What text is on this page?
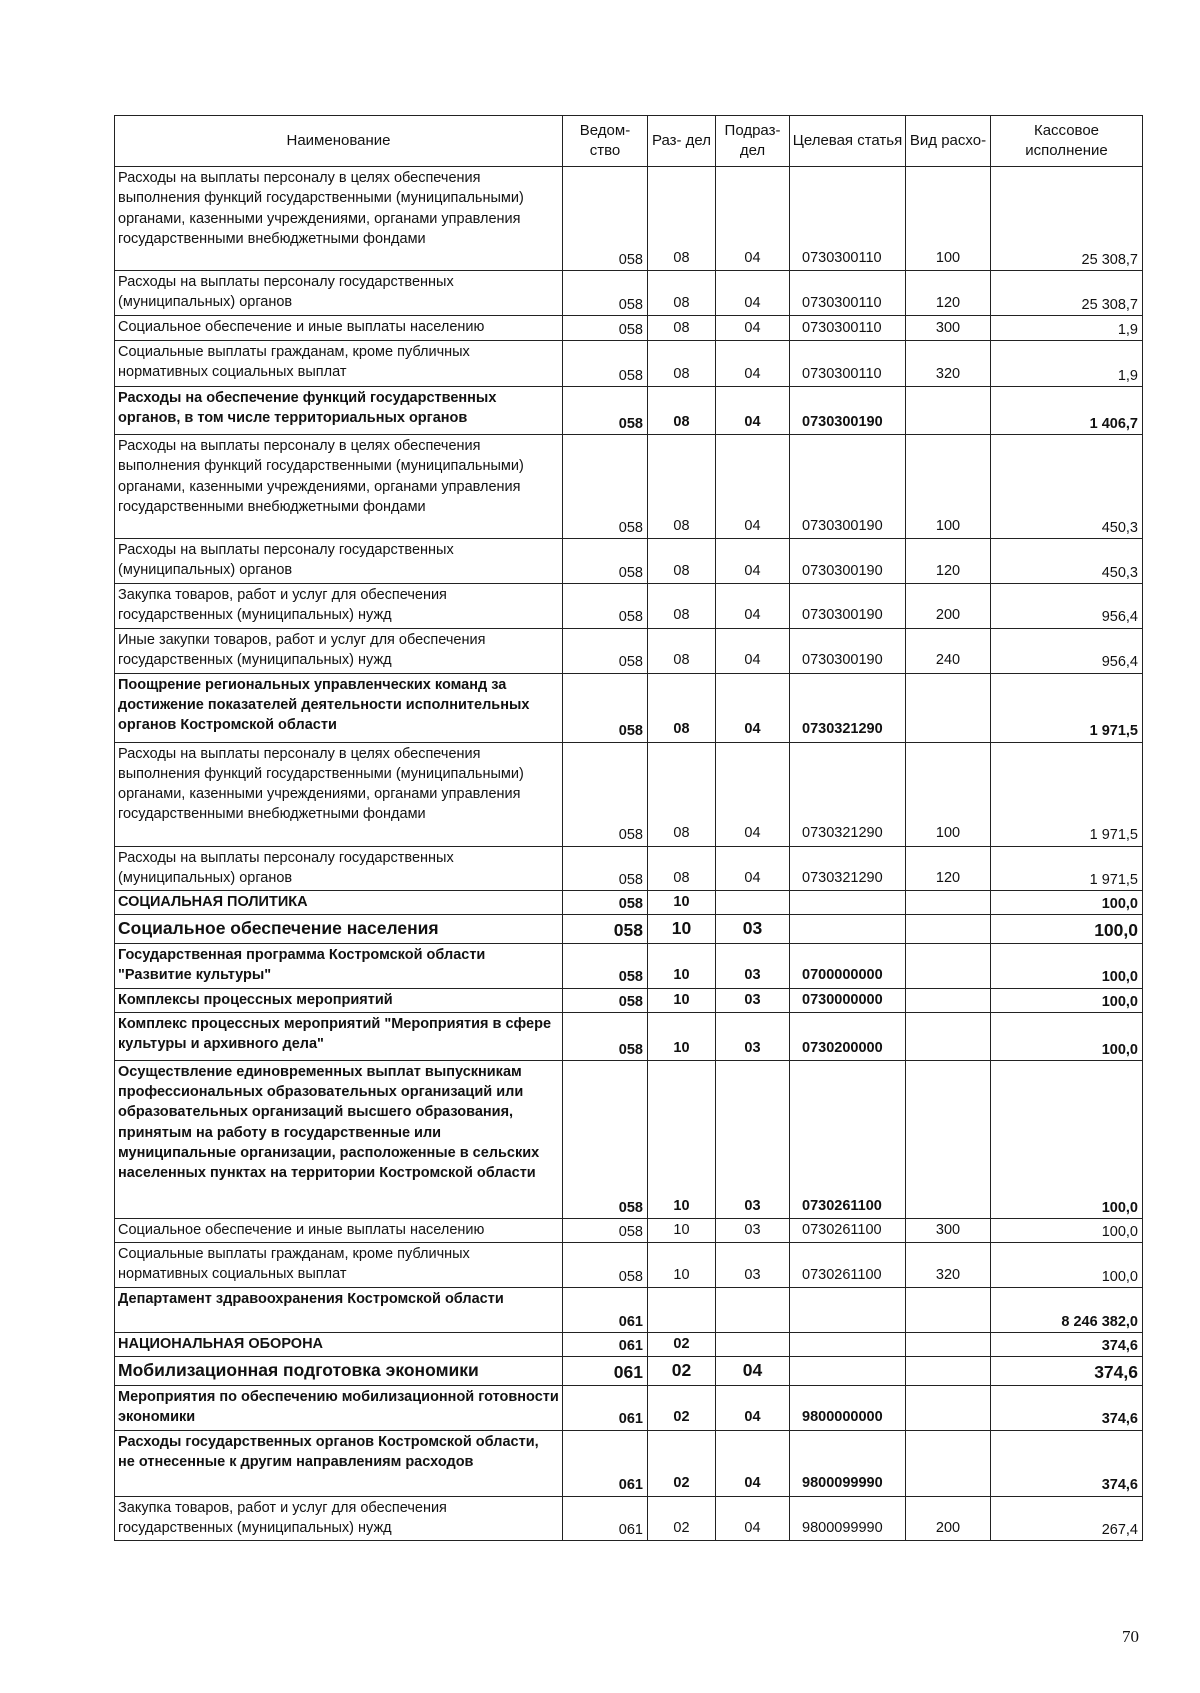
Наименование	Ведом- ство	Раз- дел	Подраз- дел	Целевая статья	Вид расхо-	Кассовое исполнение
Расходы на выплаты персоналу в целях обеспечения выполнения функций государственными (муниципальными) органами, казенными учреждениями, органами управления государственными внебюджетными фондами	058	08	04	0730300110	100	25 308,7
Расходы на выплаты персоналу государственных (муниципальных) органов	058	08	04	0730300110	120	25 308,7
Социальное обеспечение и иные выплаты населению	058	08	04	0730300110	300	1,9
Социальные выплаты гражданам, кроме публичных нормативных социальных выплат	058	08	04	0730300110	320	1,9
Расходы на обеспечение функций государственных органов, в том числе территориальных органов	058	08	04	0730300190		1 406,7
Расходы на выплаты персоналу в целях обеспечения выполнения функций государственными (муниципальными) органами, казенными учреждениями, органами управления государственными внебюджетными фондами	058	08	04	0730300190	100	450,3
Расходы на выплаты персоналу государственных (муниципальных) органов	058	08	04	0730300190	120	450,3
Закупка товаров, работ и услуг для обеспечения государственных (муниципальных) нужд	058	08	04	0730300190	200	956,4
Иные закупки товаров, работ и услуг для обеспечения государственных (муниципальных) нужд	058	08	04	0730300190	240	956,4
Поощрение региональных управленческих команд за достижение показателей деятельности исполнительных органов Костромской области	058	08	04	0730321290		1 971,5
Расходы на выплаты персоналу в целях обеспечения выполнения функций государственными (муниципальными) органами, казенными учреждениями, органами управления государственными внебюджетными фондами	058	08	04	0730321290	100	1 971,5
Расходы на выплаты персоналу государственных (муниципальных) органов	058	08	04	0730321290	120	1 971,5
СОЦИАЛЬНАЯ ПОЛИТИКА	058	10				100,0
Социальное обеспечение населения	058	10	03			100,0
Государственная программа Костромской области "Развитие культуры"	058	10	03	0700000000		100,0
Комплексы процессных мероприятий	058	10	03	0730000000		100,0
Комплекс процессных мероприятий "Мероприятия в сфере культуры и архивного дела"	058	10	03	0730200000		100,0
Осуществление единовременных выплат выпускникам профессиональных образовательных организаций или образовательных организаций высшего образования, принятым на работу в государственные или муниципальные организации, расположенные в сельских населенных пунктах на территории Костромской области	058	10	03	0730261100		100,0
Социальное обеспечение и иные выплаты населению	058	10	03	0730261100	300	100,0
Социальные выплаты гражданам, кроме публичных нормативных социальных выплат	058	10	03	0730261100	320	100,0
Департамент здравоохранения Костромской области	061					8 246 382,0
НАЦИОНАЛЬНАЯ ОБОРОНА	061	02				374,6
Мобилизационная подготовка экономики	061	02	04			374,6
Мероприятия по обеспечению мобилизационной готовности экономики	061	02	04	9800000000		374,6
Расходы государственных органов Костромской области, не отнесенные к другим направлениям расходов	061	02	04	9800099990		374,6
Закупка товаров, работ и услуг для обеспечения государственных (муниципальных) нужд	061	02	04	9800099990	200	267,4
70
